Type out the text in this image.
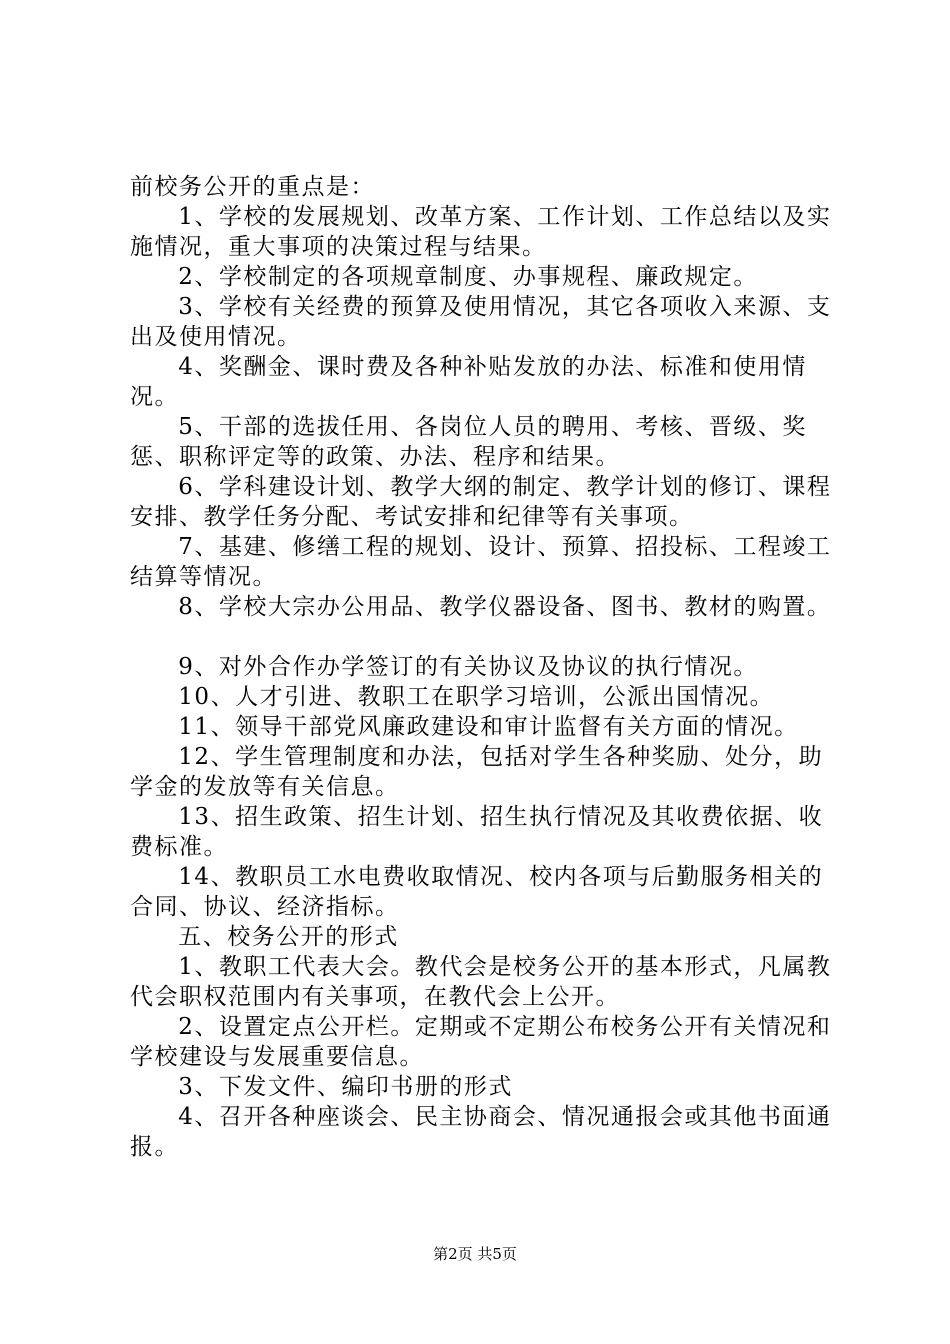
前校务公开的重点是：

1、学校的发展规划、改革方案、工作计划、工作总结以及实施情况，重大事项的决策过程与结果。

2、学校制定的各项规章制度、办事规程、廉政规定。

3、学校有关经费的预算及使用情况，其它各项收入来源、支出及使用情况。

4、奖酬金、课时费及各种补贴发放的办法、标准和使用情况。

5、干部的选拔任用、各岗位人员的聘用、考核、晋级、奖惩、职称评定等的政策、办法、程序和结果。

6、学科建设计划、教学大纲的制定、教学计划的修订、课程安排、教学任务分配、考试安排和纪律等有关事项。

7、基建、修缮工程的规划、设计、预算、招投标、工程竣工结算等情况。

8、学校大宗办公用品、教学仪器设备、图书、教材的购置。

9、对外合作办学签订的有关协议及协议的执行情况。

10、人才引进、教职工在职学习培训，公派出国情况。

11、领导干部党风廉政建设和审计监督有关方面的情况。

12、学生管理制度和办法，包括对学生各种奖励、处分，助学金的发放等有关信息。

13、招生政策、招生计划、招生执行情况及其收费依据、收费标准。

14、教职员工水电费收取情况、校内各项与后勤服务相关的合同、协议、经济指标。

五、校务公开的形式

1、教职工代表大会。教代会是校务公开的基本形式，凡属教代会职权范围内有关事项，在教代会上公开。

2、设置定点公开栏。定期或不定期公布校务公开有关情况和学校建设与发展重要信息。

3、下发文件、编印书册的形式

4、召开各种座谈会、民主协商会、情况通报会或其他书面通报。

第2页 共5页
